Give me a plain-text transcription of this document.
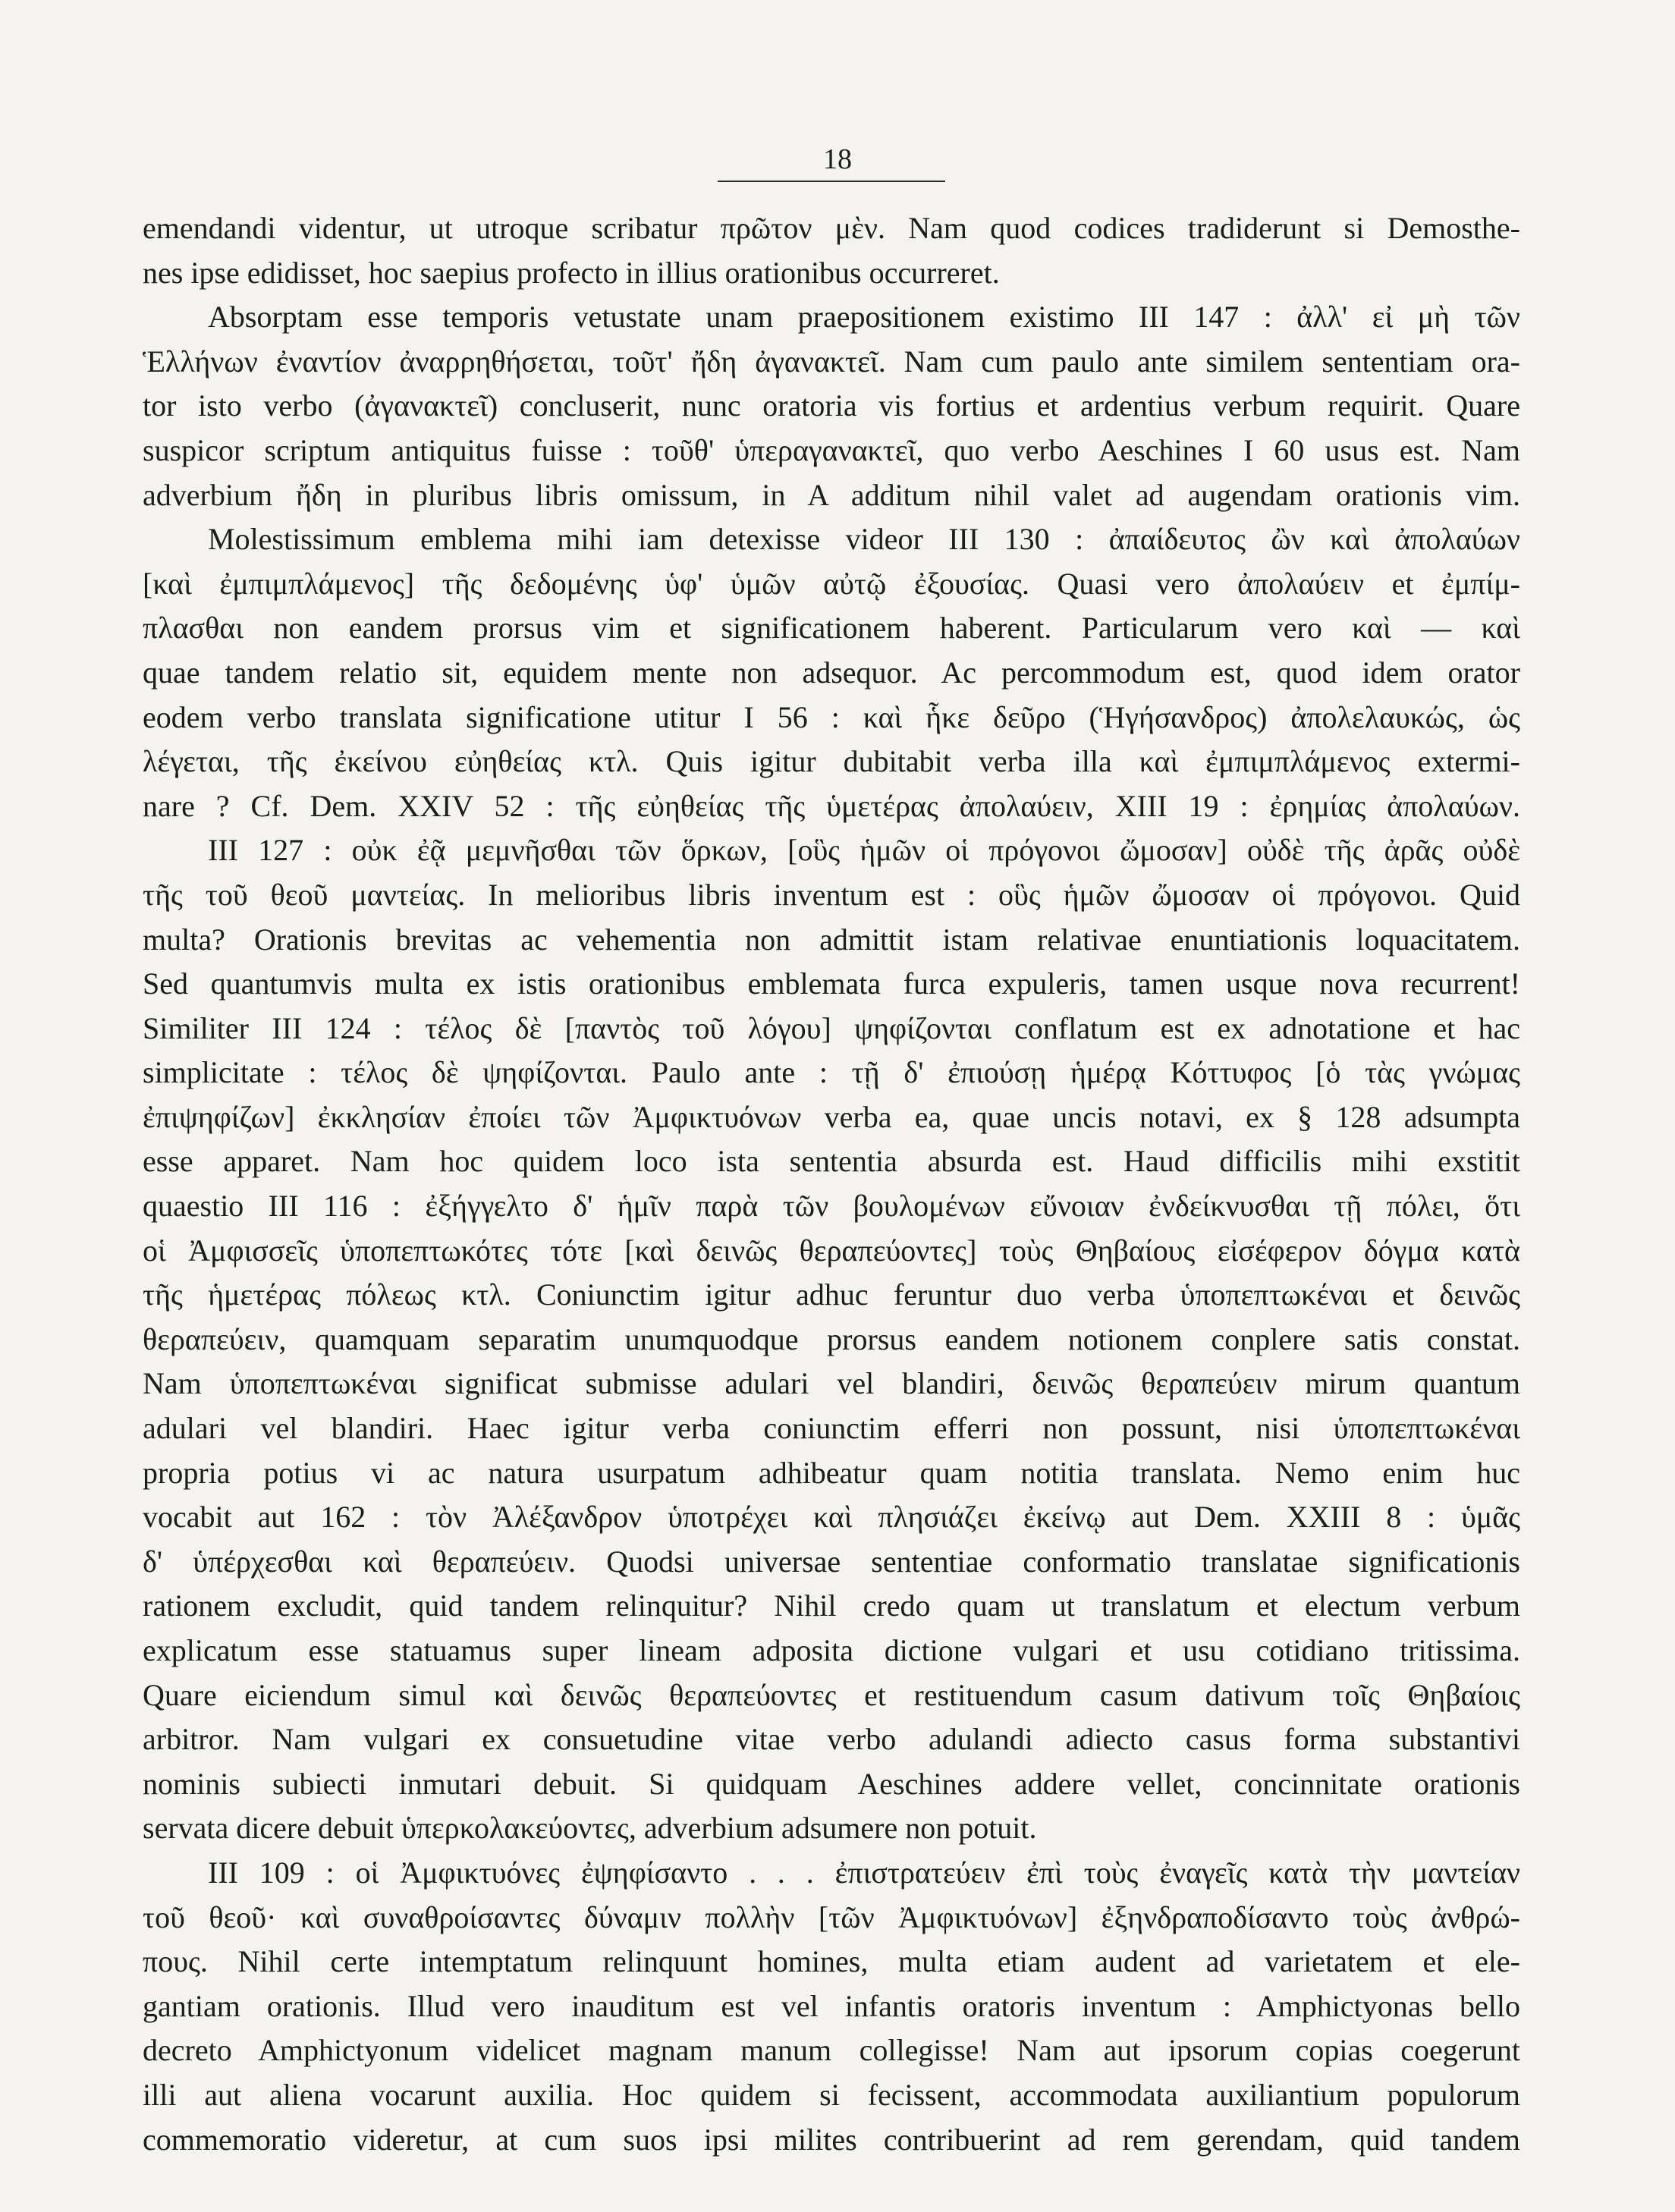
18
emendandi videntur, ut utroque scribatur πρῶτον μὲν. Nam quod codices tradiderunt si Demosthe-
nes ipse edidisset, hoc saepius profecto in illius orationibus occurreret.
Absorptam esse temporis vetustate unam praepositionem existimo III 147 : ἀλλ' εἰ μὴ τῶν
Ἑλλήνων ἐναντίον ἀναρρηθήσεται, τοῦτ' ἤδη ἀγανακτεῖ. Nam cum paulo ante similem sententiam ora-
tor isto verbo (ἀγανακτεῖ) concluserit, nunc oratoria vis fortius et ardentius verbum requirit. Quare
suspicor scriptum antiquitus fuisse : τοῦθ' ὑπεραγανακτεῖ, quo verbo Aeschines I 60 usus est. Nam
adverbium ἤδη in pluribus libris omissum, in A additum nihil valet ad augendam orationis vim.
Molestissimum emblema mihi iam detexisse videor III 130 : ἀπαίδευτος ὢν καὶ ἀπολαύων
[καὶ ἐμπιμπλάμενος] τῆς δεδομένης ὑφ' ὑμῶν αὐτῷ ἐξουσίας. Quasi vero ἀπολαύειν et ἐμπίμ-
πλασθαι non eandem prorsus vim et significationem haberent. Particularum vero καὶ — καὶ
quae tandem relatio sit, equidem mente non adsequor. Ac percommodum est, quod idem orator
eodem verbo translata significatione utitur I 56 : καὶ ἧκε δεῦρο (Ἡγήσανδρος) ἀπολελαυκώς, ὡς
λέγεται, τῆς ἐκείνου εὐηθείας κτλ. Quis igitur dubitabit verba illa καὶ ἐμπιμπλάμενος extermi-
nare ? Cf. Dem. XXIV 52 : τῆς εὐηθείας τῆς ὑμετέρας ἀπολαύειν, XIII 19 : ἐρημίας ἀπολαύων.
III 127 : οὐκ ἐᾷ μεμνῆσθαι τῶν ὅρκων, [οὓς ἡμῶν οἱ πρόγονοι ὤμοσαν] οὐδὲ τῆς ἀρᾶς οὐδὲ
τῆς τοῦ θεοῦ μαντείας. In melioribus libris inventum est : οὓς ἡμῶν ὤμοσαν οἱ πρόγονοι. Quid
multa? Orationis brevitas ac vehementia non admittit istam relativae enuntiationis loquacitatem.
Sed quantumvis multa ex istis orationibus emblemata furca expuleris, tamen usque nova recurrent!
Similiter III 124 : τέλος δὲ [παντὸς τοῦ λόγου] ψηφίζονται conflatum est ex adnotatione et hac
simplicitate : τέλος δὲ ψηφίζονται. Paulo ante : τῇ δ' ἐπιούσῃ ἡμέρᾳ Κόττυφος [ὁ τὰς γνώμας
ἐπιψηφίζων] ἐκκλησίαν ἐποίει τῶν Ἀμφικτυόνων verba ea, quae uncis notavi, ex § 128 adsumpta
esse apparet. Nam hoc quidem loco ista sententia absurda est. Haud difficilis mihi exstitit
quaestio III 116 : ἐξήγγελτο δ' ἡμῖν παρὰ τῶν βουλομένων εὔνοιαν ἐνδείκνυσθαι τῇ πόλει, ὅτι
οἱ Ἀμφισσεῖς ὑποπεπτωκότες τότε [καὶ δεινῶς θεραπεύοντες] τοὺς Θηβαίους εἰσέφερον δόγμα κατὰ
τῆς ἡμετέρας πόλεως κτλ. Coniunctim igitur adhuc feruntur duo verba ὑποπεπτωκέναι et δεινῶς
θεραπεύειν, quamquam separatim unumquodque prorsus eandem notionem conplere satis constat.
Nam ὑποπεπτωκέναι significat submisse adulari vel blandiri, δεινῶς θεραπεύειν mirum quantum
adulari vel blandiri. Haec igitur verba coniunctim efferri non possunt, nisi ὑποπεπτωκέναι
propria potius vi ac natura usurpatum adhibeatur quam notitia translata. Nemo enim huc
vocabit aut 162 : τὸν Ἀλέξανδρον ὑποτρέχει καὶ πλησιάζει ἐκείνῳ aut Dem. XXIII 8 : ὑμᾶς
δ' ὑπέρχεσθαι καὶ θεραπεύειν. Quodsi universae sententiae conformatio translatae significationis
rationem excludit, quid tandem relinquitur? Nihil credo quam ut translatum et electum verbum
explicatum esse statuamus super lineam adposita dictione vulgari et usu cotidiano tritissima.
Quare eiciendum simul καὶ δεινῶς θεραπεύοντες et restituendum casum dativum τοῖς Θηβαίοις
arbitror. Nam vulgari ex consuetudine vitae verbo adulandi adiecto casus forma substantivi
nominis subiecti inmutari debuit. Si quidquam Aeschines addere vellet, concinnitate orationis
servata dicere debuit ὑπερκολακεύοντες, adverbium adsumere non potuit.
III 109 : οἱ Ἀμφικτυόνες ἐψηφίσαντο . . . ἐπιστρατεύειν ἐπὶ τοὺς ἐναγεῖς κατὰ τὴν μαντείαν
τοῦ θεοῦ· καὶ συναθροίσαντες δύναμιν πολλὴν [τῶν Ἀμφικτυόνων] ἐξηνδραποδίσαντο τοὺς ἀνθρώ-
πους. Nihil certe intemptatum relinquunt homines, multa etiam audent ad varietatem et ele-
gantiam orationis. Illud vero inauditum est vel infantis oratoris inventum : Amphictyonas bello
decreto Amphictyonum videlicet magnam manum collegisse! Nam aut ipsorum copias coegerunt
illi aut aliena vocarunt auxilia. Hoc quidem si fecissent, accommodata auxiliantium populorum
commemoratio videretur, at cum suos ipsi milites contribuerint ad rem gerendam, quid tandem
